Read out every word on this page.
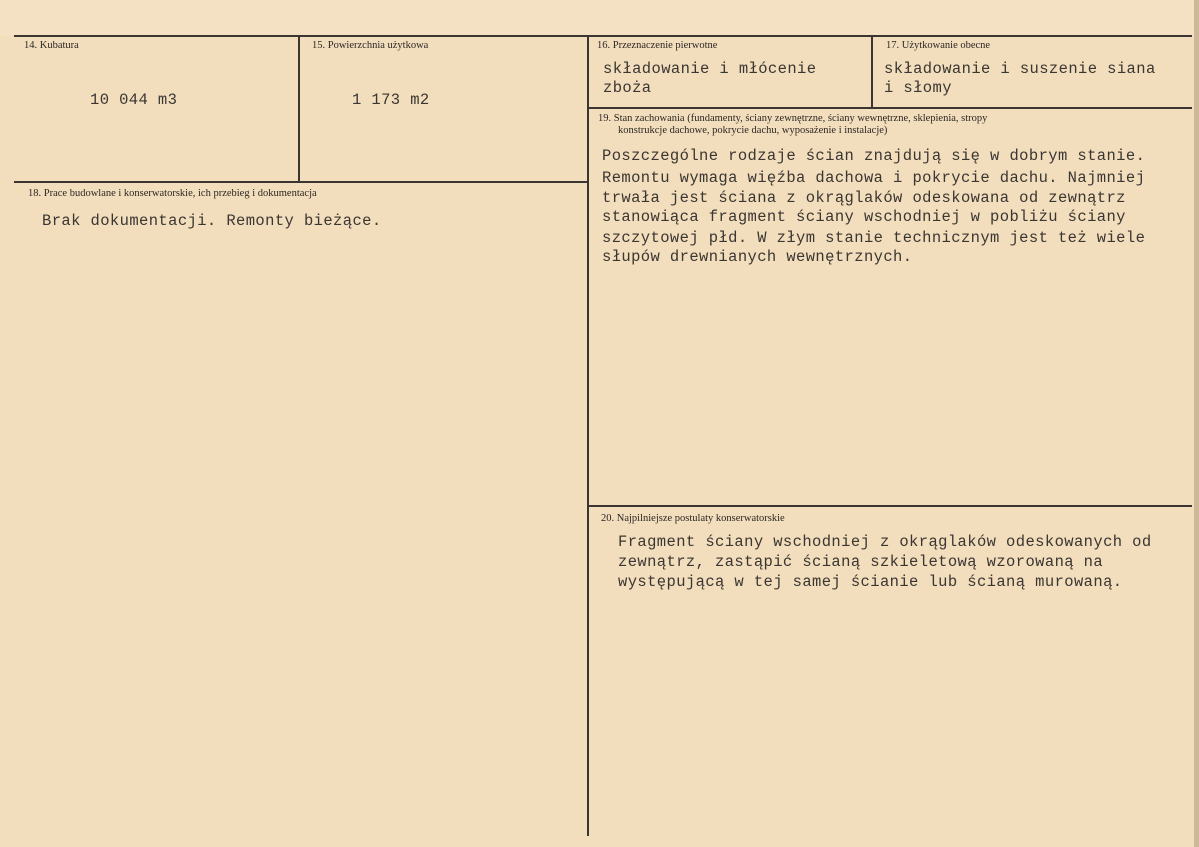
14. Kubatura
10 044 m3
15. Powierzchnia użytkowa
1 173 m2
16. Przeznaczenie pierwotne
składowanie i młócenie
zboża
17. Użytkowanie obecne
składowanie i suszenie siana
i słomy
18. Prace budowlane i konserwatorskie, ich przebieg i dokumentacja
Brak dokumentacji. Remonty bieżące.
19. Stan zachowania (fundamenty, ściany zewnętrzne, ściany wewnętrzne, sklepienia, stropy
konstrukcje dachowe, pokrycie dachu, wyposażenie i instalacje)
Poszczególne rodzaje ścian znajdują się w dobrym stanie.
Remontu wymaga więźba dachowa i pokrycie dachu. Najmniej
trwała jest ściana z okrąglaków odeskowana od zewnątrz
stanowiąca fragment ściany wschodniej w pobliżu ściany
szczytowej płd. W złym stanie technicznym jest też wiele
słupów drewnianych wewnętrznych.
20. Najpilniejsze postulaty konserwatorskie
Fragment ściany wschodniej z okrąglaków odeskowanych od
zewnątrz, zastąpić ścianą szkieletową wzorowaną na
występującą w tej samej ścianie lub ścianą murowaną.
